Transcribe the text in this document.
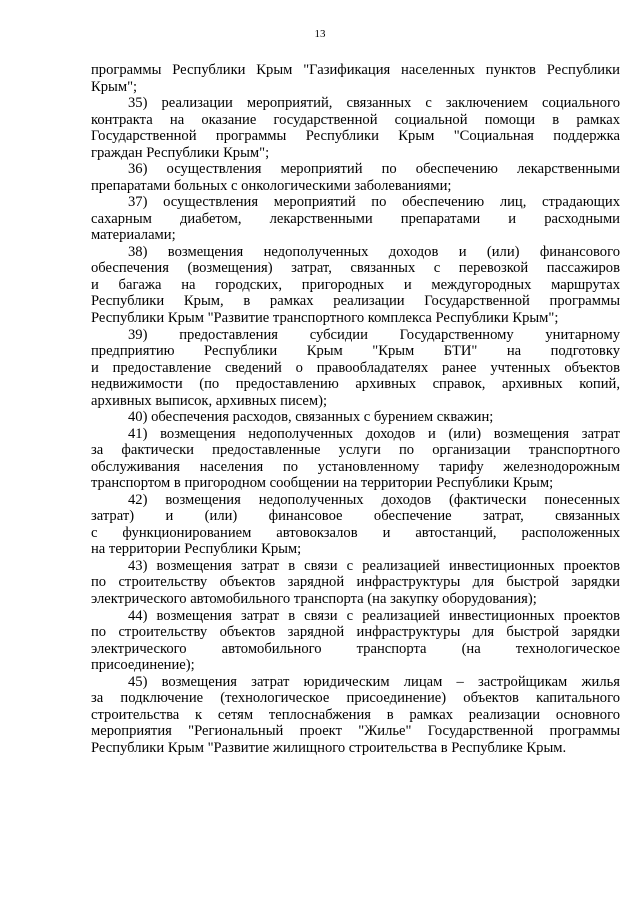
13
программы Республики Крым "Газификация населенных пунктов Республики
Крым";
35) реализации мероприятий, связанных с заключением социального
контракта на оказание государственной социальной помощи в рамках
Государственной программы Республики Крым "Социальная поддержка
граждан Республики Крым";
36) осуществления мероприятий по обеспечению лекарственными
препаратами больных с онкологическими заболеваниями;
37) осуществления мероприятий по обеспечению лиц, страдающих
сахарным диабетом, лекарственными препаратами и расходными
материалами;
38) возмещения недополученных доходов и (или) финансового
обеспечения (возмещения) затрат, связанных с перевозкой пассажиров
и багажа на городских, пригородных и междугородных маршрутах
Республики Крым, в рамках реализации Государственной программы
Республики Крым "Развитие транспортного комплекса Республики Крым";
39) предоставления субсидии Государственному унитарному
предприятию Республики Крым "Крым БТИ" на подготовку
и предоставление сведений о правообладателях ранее учтенных объектов
недвижимости (по предоставлению архивных справок, архивных копий,
архивных выписок, архивных писем);
40) обеспечения расходов, связанных с бурением скважин;
41) возмещения недополученных доходов и (или) возмещения затрат
за фактически предоставленные услуги по организации транспортного
обслуживания населения по установленному тарифу железнодорожным
транспортом в пригородном сообщении на территории Республики Крым;
42) возмещения недополученных доходов (фактически понесенных
затрат) и (или) финансовое обеспечение затрат, связанных
с функционированием автовокзалов и автостанций, расположенных
на территории Республики Крым;
43) возмещения затрат в связи с реализацией инвестиционных проектов
по строительству объектов зарядной инфраструктуры для быстрой зарядки
электрического автомобильного транспорта (на закупку оборудования);
44) возмещения затрат в связи с реализацией инвестиционных проектов
по строительству объектов зарядной инфраструктуры для быстрой зарядки
электрического автомобильного транспорта (на технологическое
присоединение);
45) возмещения затрат юридическим лицам – застройщикам жилья
за подключение (технологическое присоединение) объектов капитального
строительства к сетям теплоснабжения в рамках реализации основного
мероприятия "Региональный проект "Жилье" Государственной программы
Республики Крым "Развитие жилищного строительства в Республике Крым.
